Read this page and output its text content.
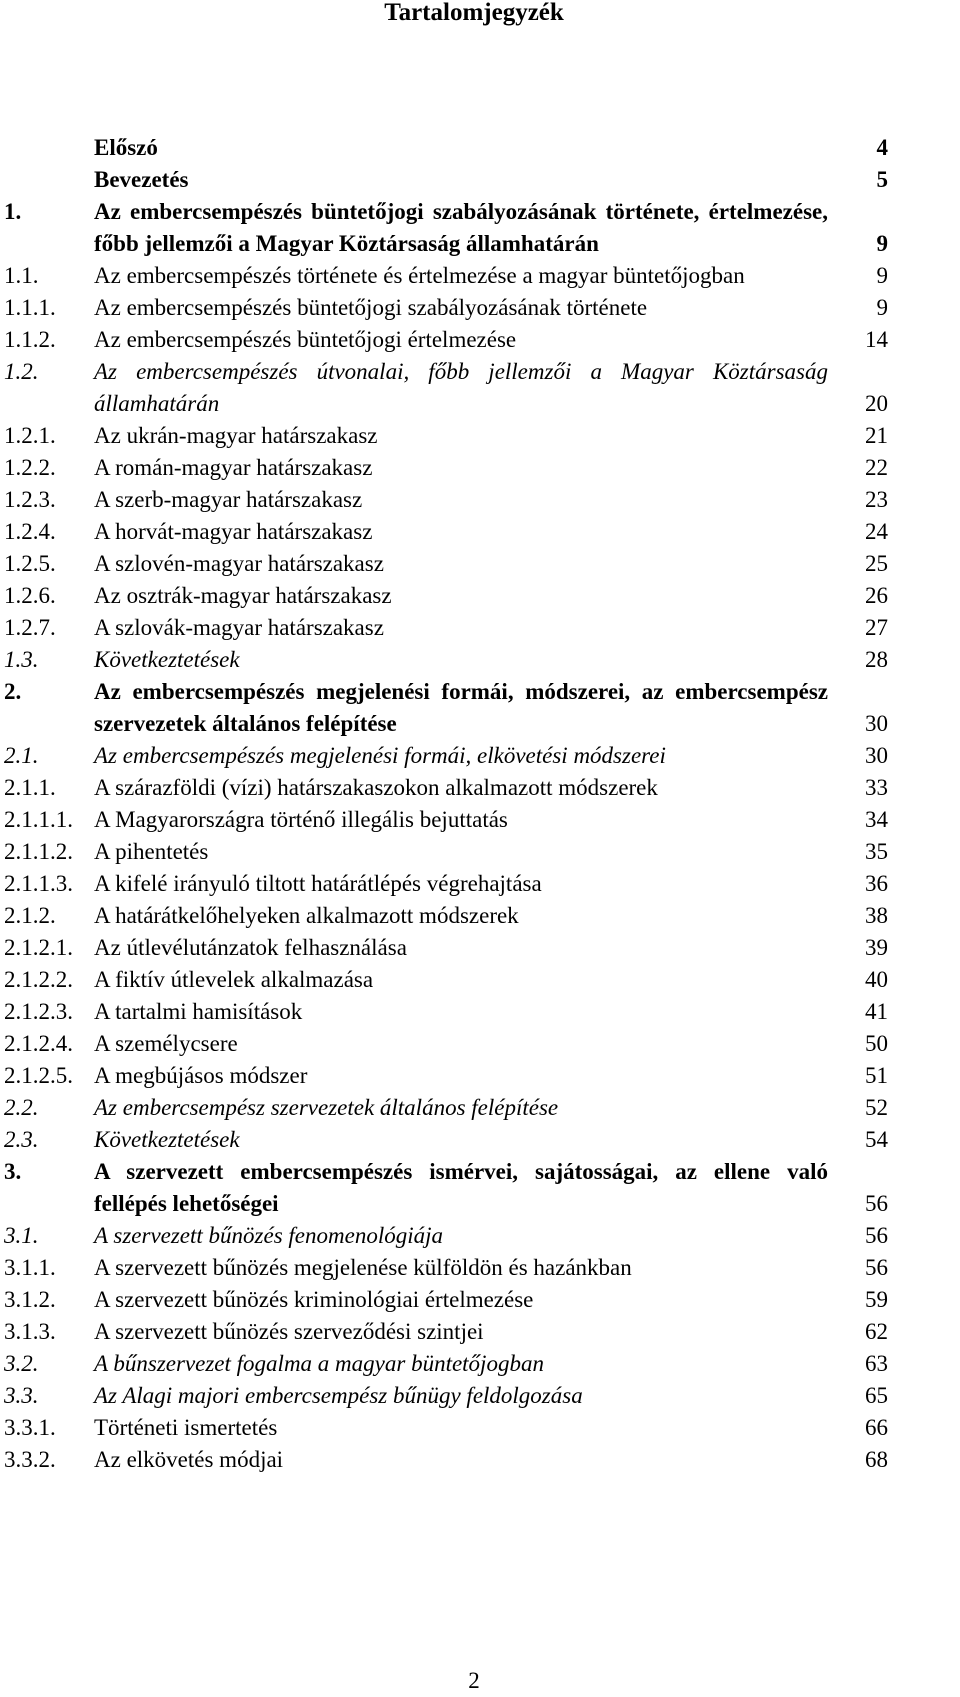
Tartalomjegyzék
Előszó	4
Bevezetés	5
1.	Az embercsempészés büntetőjogi szabályozásának története, értelmezése, főbb jellemzői a Magyar Köztársaság államhatárán	9
1.1. Az embercsempészés története és értelmezése a magyar büntetőjogban	9
1.1.1. Az embercsempészés büntetőjogi szabályozásának története	9
1.1.2. Az embercsempészés büntetőjogi értelmezése	14
1.2. Az embercsempészés útvonalai, főbb jellemzői a Magyar Köztársaság államhatárán	20
1.2.1. Az ukrán-magyar határszakasz	21
1.2.2. A román-magyar határszakasz	22
1.2.3. A szerb-magyar határszakasz	23
1.2.4. A horvát-magyar határszakasz	24
1.2.5. A szlovén-magyar határszakasz	25
1.2.6. Az osztrák-magyar határszakasz	26
1.2.7. A szlovák-magyar határszakasz	27
1.3. Következtetések	28
2.	Az embercsempészés megjelenési formái, módszerei, az embercsempész szervezetek általános felépítése	30
2.1. Az embercsempészés megjelenési formái, elkövetési módszerei	30
2.1.1. A szárazföldi (vízi) határszakaszokon alkalmazott módszerek	33
2.1.1.1. A Magyarországra történő illegális bejuttatás	34
2.1.1.2. A pihentetés	35
2.1.1.3. A kifelé irányuló tiltott határátlépés végrehajtása	36
2.1.2. A határátkelőhelyeken alkalmazott módszerek	38
2.1.2.1. Az útlevélutánzatok felhasználása	39
2.1.2.2. A fiktív útlevelek alkalmazása	40
2.1.2.3. A tartalmi hamisítások	41
2.1.2.4. A személycsere	50
2.1.2.5. A megbújásos módszer	51
2.2. Az embercsempész szervezetek általános felépítése	52
2.3. Következtetések	54
3.	A szervezett embercsempészés ismérvei, sajátosságai, az ellene való fellépés lehetőségei	56
3.1. A szervezett bűnözés fenomenológiája	56
3.1.1. A szervezett bűnözés megjelenése külföldön és hazánkban	56
3.1.2. A szervezett bűnözés kriminológiai értelmezése	59
3.1.3. A szervezett bűnözés szerveződési szintjei	62
3.2. A bűnszervezet fogalma a magyar büntetőjogban	63
3.3. Az Alagi majori embercsempész bűnügy feldolgozása	65
3.3.1. Történeti ismertetés	66
3.3.2. Az elkövetés módjai	68
2
